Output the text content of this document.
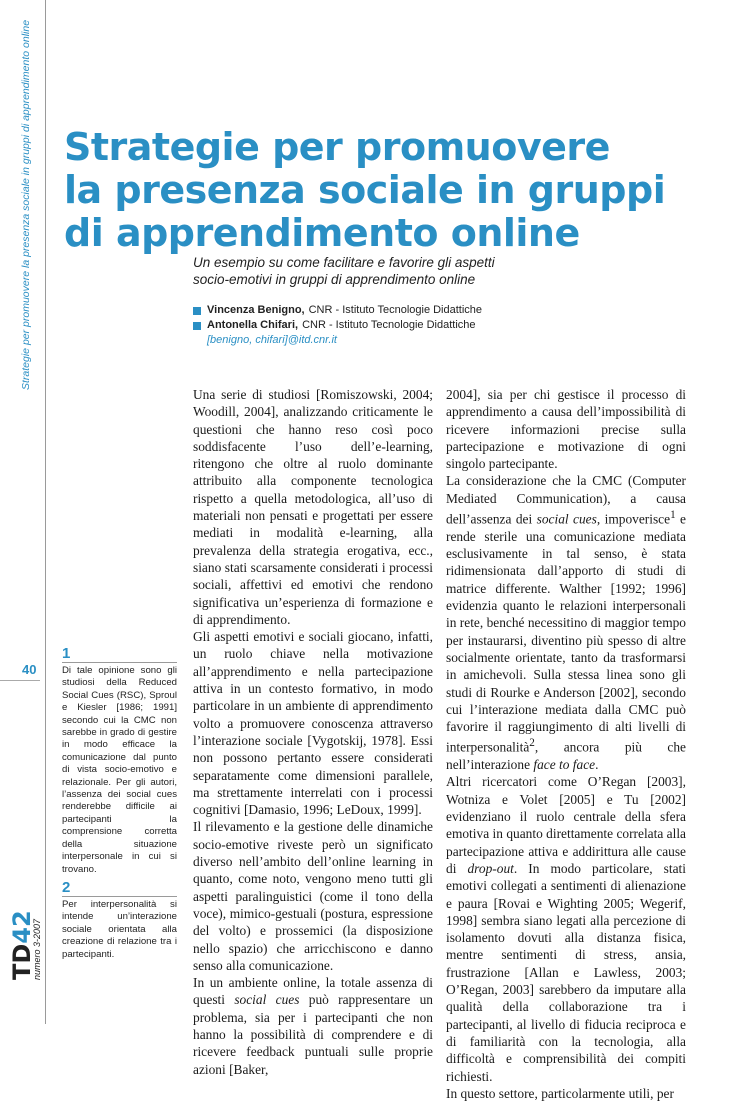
Strategie per promuovere la presenza sociale in gruppi di apprendimento online Strategie per promuovere
la presenza sociale in gruppi
di apprendimento online

Un esempio su come facilitare e favorire gli aspetti
socio-emotivi in gruppi di apprendimento online

Vincenza Benigno, CNR - Istituto Tecnologie Didattiche
Antonella Chifari, CNR - Istituto Tecnologie Didattiche
[benigno, chifari]@itd.cnr.it

Una serie di studiosi [Romiszowski, 2004; Woodill, 2004], analizzando criticamente le questioni che hanno reso così poco soddisfacente l’uso dell’e-learning, ritengono che oltre al ruolo dominante attribuito alla componente tecnologica rispetto a quella metodologica, all’uso di materiali non pensati e progettati per essere mediati in modalità e-learning, alla prevalenza della strategia erogativa, ecc., siano stati scarsamente considerati i processi sociali, affettivi ed emotivi che rendono significativa un’esperienza di formazione e di apprendimento.

Gli aspetti emotivi e sociali giocano, infatti, un ruolo chiave nella motivazione all’apprendimento e nella partecipazione attiva in un contesto formativo, in modo particolare in un ambiente di apprendimento volto a promuovere conoscenza attraverso l’interazione sociale [Vygotskij, 1978]. Essi non possono pertanto essere considerati separatamente come dimensioni parallele, ma strettamente interrelati con i processi cognitivi [Damasio, 1996; LeDoux, 1999].

Il rilevamento e la gestione delle dinamiche socio-emotive riveste però un significato diverso nell’ambito dell’online learning in quanto, come noto, vengono meno tutti gli aspetti paralinguistici (come il tono della voce), mimico-gestuali (postura, espressione del volto) e prossemici (la disposizione nello spazio) che arricchiscono e danno senso alla comunicazione.

In un ambiente online, la totale assenza di questi social cues può rappresentare un problema, sia per i partecipanti che non hanno la possibilità di comprendere e di ricevere feedback puntuali sulle proprie azioni [Baker,

2004], sia per chi gestisce il processo di apprendimento a causa dell’impossibilità di ricevere informazioni precise sulla partecipazione e motivazione di ogni singolo partecipante.

La considerazione che la CMC (Computer Mediated Communication), a causa dell’assenza dei social cues, impoverisce$^1$ e rende sterile una comunicazione mediata esclusivamente in tal senso, è stata ridimensionata dall’apporto di studi di matrice differente. Walther [1992; 1996] evidenzia quanto le relazioni interpersonali in rete, benché necessitino di maggior tempo per instaurarsi, diventino più spesso di altre socialmente orientate, tanto da trasformarsi in amichevoli. Sulla stessa linea sono gli studi di Rourke e Anderson [2002], secondo cui l’interazione mediata dalla CMC può favorire il raggiungimento di alti livelli di interpersonalità$^2$, ancora più che nell’interazione face to face.

Altri ricercatori come O’Regan [2003], Wotniza e Volet [2005] e Tu [2002] evidenziano il ruolo centrale della sfera emotiva in quanto direttamente correlata alla partecipazione attiva e addirittura alle cause di drop-out. In modo particolare, stati emotivi collegati a sentimenti di alienazione e paura [Rovai e Wighting 2005; Wegerif, 1998] sembra siano legati alla percezione di isolamento dovuti alla distanza fisica, mentre sentimenti di stress, ansia, frustrazione [Allan e Lawless, 2003; O’Regan, 2003] sarebbero da imputare alla qualità della collaborazione tra i partecipanti, al livello di fiducia reciproca e di familiarità con la tecnologia, alla difficoltà e comprensibilità dei compiti richiesti.

In questo settore, particolarmente utili, per

40
1
Di tale opinione sono gli studiosi della Reduced Social Cues (RSC), Sproul e Kiesler [1986; 1991] secondo cui la CMC non sarebbe in grado di gestire in modo efficace la comunicazione dal punto di vista socio-emotivo e relazionale. Per gli autori, l’assenza dei social cues renderebbe difficile ai partecipanti la comprensione corretta della situazione interpersonale in cui si trovano.
2
Per interpersonalità si intende un’interazione sociale orientata alla creazione di relazione tra i partecipanti.
TD42
numero 3-2007
